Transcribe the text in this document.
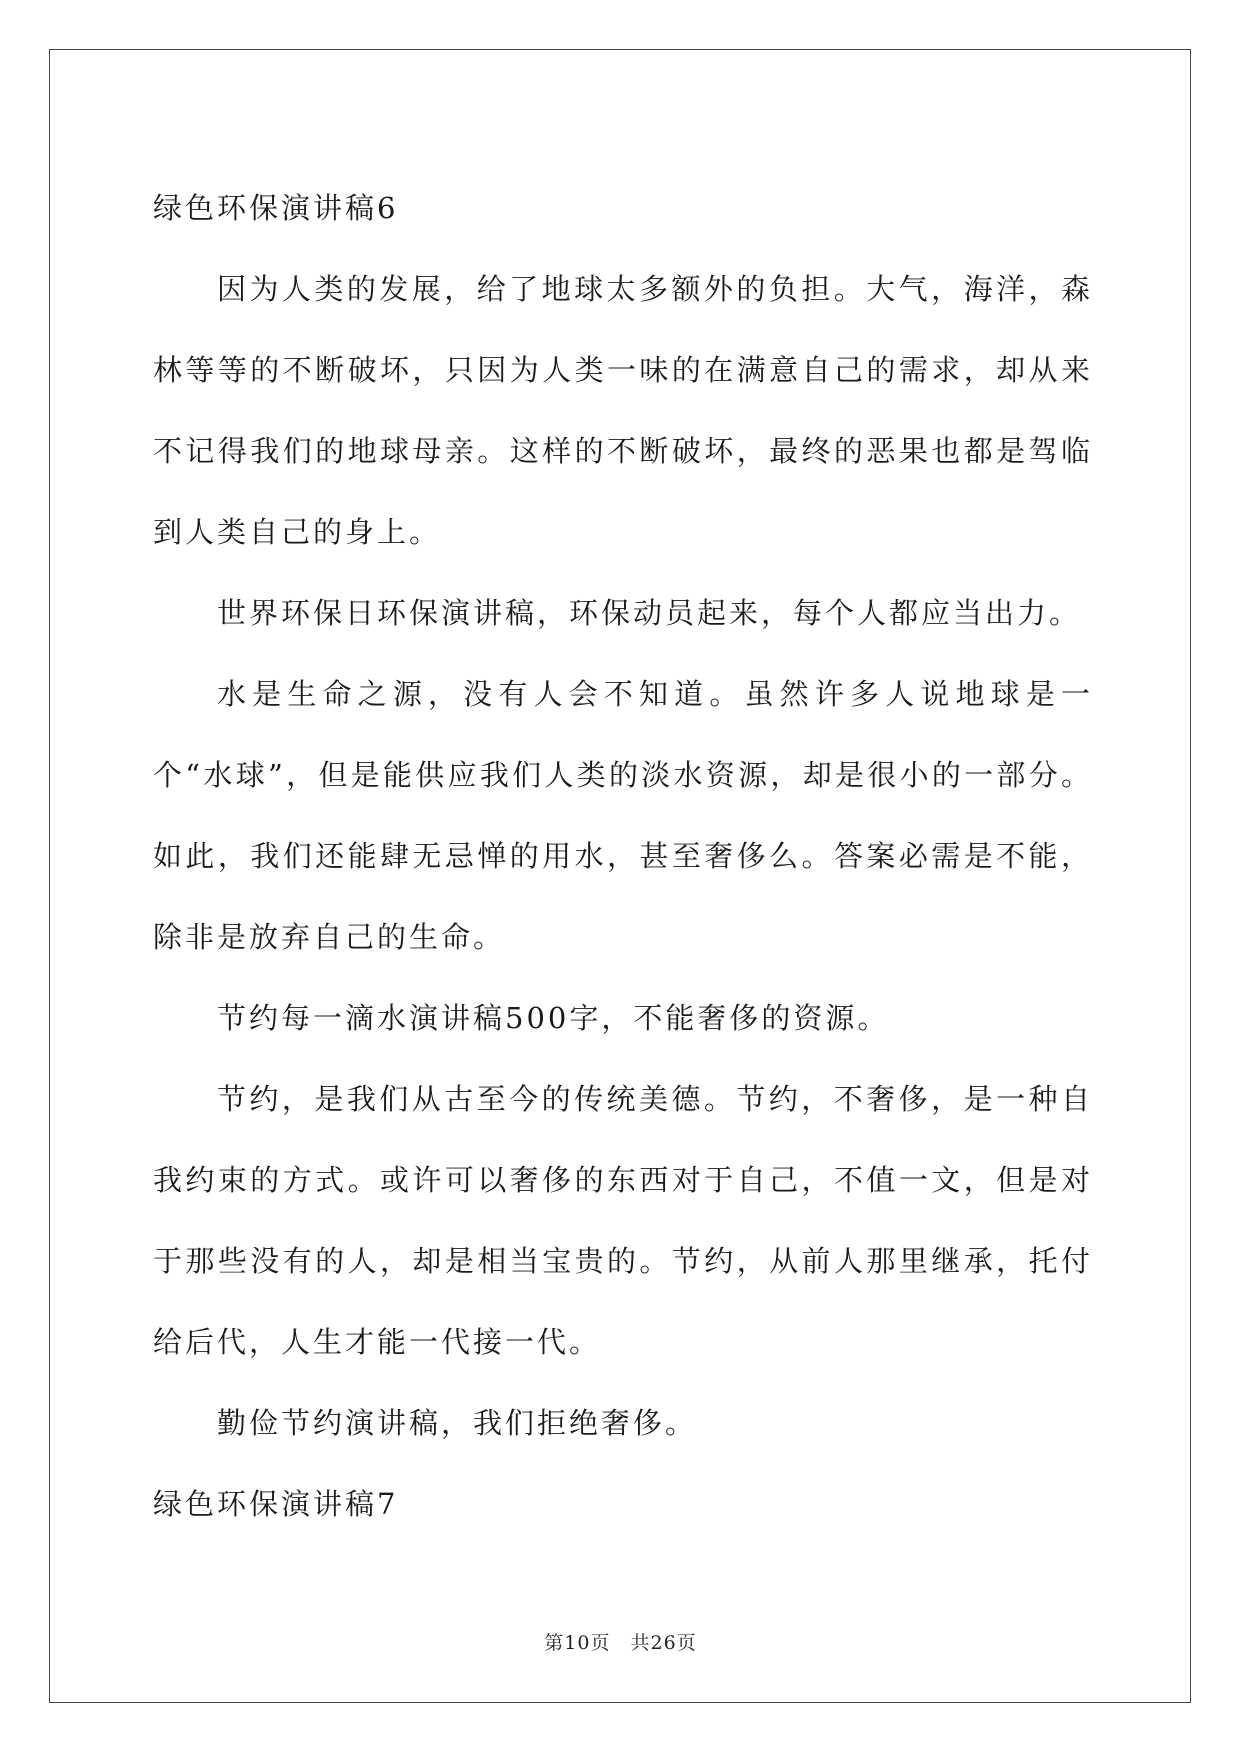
绿色环保演讲稿6

因为人类的发展，给了地球太多额外的负担。大气，海洋，森林等等的不断破坏，只因为人类一味的在满意自己的需求，却从来不记得我们的地球母亲。这样的不断破坏，最终的恶果也都是驾临　到人类自己的身上。

世界环保日环保演讲稿，环保动员起来，每个人都应当出力。

水是生命之源，没有人会不知道。虽然许多人说地球是一个“水球”，但是能供应我们人类的淡水资源，却是很小的一部分。如此，我们还能肆无忌惮的用水，甚至奢侈么。答案必需是不能，除非是放弃自己的生命。

节约每一滴水演讲稿500字，不能奢侈的资源。

节约，是我们从古至今的传统美德。节约，不奢侈，是一种自我约束的方式。或许可以奢侈的东西对于自己，不值一文，但是对于那些没有的人，却是相当宝贵的。节约，从前人那里继承，托付给后代，人生才能一代接一代。

勤俭节约演讲稿，我们拒绝奢侈。

绿色环保演讲稿7
第10页　 共26页
